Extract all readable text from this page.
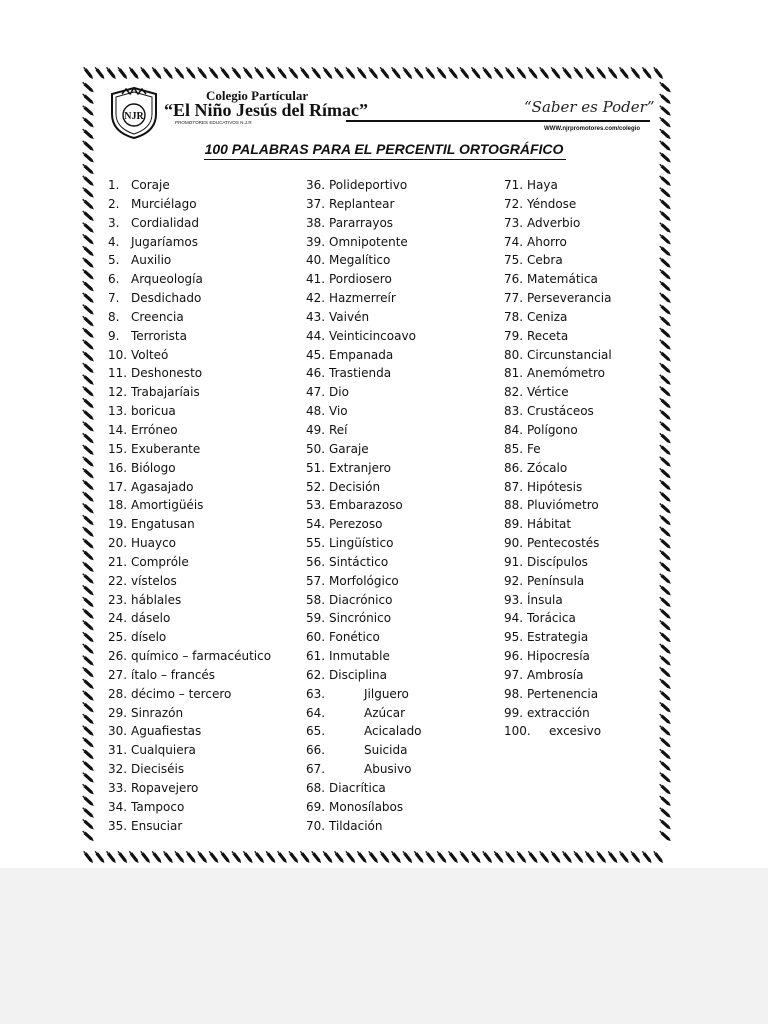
NJR
Colegio Partícular
“El Niño Jesús del Rímac”
PROMOTORES EDUCATIVOS N.J.R
“Saber es Poder”
WWW.njrpromotores.com/colegio
100 PALABRAS PARA EL PERCENTIL ORTOGRÁFICO
1. Coraje
2. Murciélago
3. Cordialidad
4. Jugaríamos
5. Auxilio
6. Arqueología
7. Desdichado
8. Creencia
9. Terrorista
10. Volteó
11. Deshonesto
12. Trabajaríais
13. boricua
14. Erróneo
15. Exuberante
16. Biólogo
17. Agasajado
18. Amortigüéis
19. Engatusan
20. Huayco
21. Compróle
22. vístelos
23. háblales
24. dáselo
25. díselo
26. químico – farmacéutico
27. ítalo – francés
28. décimo – tercero
29. Sinrazón
30. Aguafiestas
31. Cualquiera
32. Dieciséis
33. Ropavejero
34. Tampoco
35. Ensuciar
36. Polideportivo
37. Replantear
38. Pararrayos
39. Omnipotente
40. Megalítico
41. Pordiosero
42. Hazmerreír
43. Vaivén
44. Veinticincoavo
45. Empanada
46. Trastienda
47. Dio
48. Vio
49. Reí
50. Garaje
51. Extranjero
52. Decisión
53. Embarazoso
54. Perezoso
55. Lingüístico
56. Sintáctico
57. Morfológico
58. Diacrónico
59. Sincrónico
60. Fonético
61. Inmutable
62. Disciplina
63.	Jilguero
64.	Azúcar
65.	Acicalado
66.	Suicida
67.	Abusivo
68. Diacrítica
69. Monosílabos
70. Tildación
71. Haya
72. Yéndose
73. Adverbio
74. Ahorro
75. Cebra
76. Matemática
77. Perseverancia
78. Ceniza
79. Receta
80. Circunstancial
81. Anemómetro
82. Vértice
83. Crustáceos
84. Polígono
85. Fe
86. Zócalo
87. Hipótesis
88. Pluviómetro
89. Hábitat
90. Pentecostés
91. Discípulos
92. Península
93. Ínsula
94. Torácica
95. Estrategia
96. Hipocresía
97. Ambrosía
98. Pertenencia
99. extracción
100. excesivo
